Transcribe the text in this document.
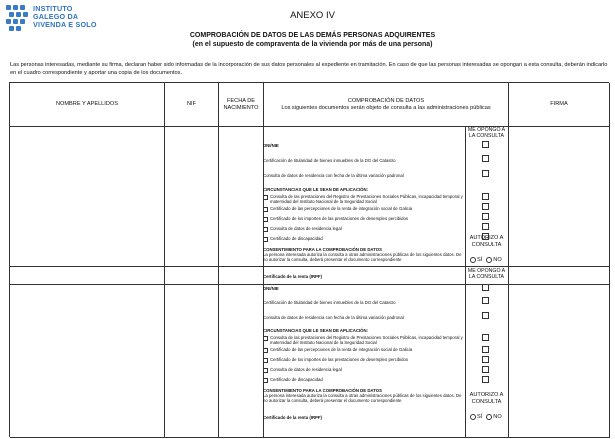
INSTITUTO
GALEGO DA
VIVENDA E SOLO
ANEXO IV
COMPROBACIÓN DE DATOS DE LAS DEMÁS PERSONAS ADQUIRENTES
(en el supuesto de compraventa de la vivienda por más de una persona)
Las personas interesadas, mediante su firma, declaran haber sido informadas de la incorporación de sus datos personales al expediente en tramitación. En caso de que las personas interesadas se opongan a esta consulta, deberán indicarlo en el cuadro correspondiente y aportar una copia de los documentos.
NOMBRE Y APELLIDOS	NIF
FECHA DE
NACIMIENTO
COMPROBACIÓN DE DATOS
Los siguientes documentos serán objeto de consulta a las administraciones públicas
FIRMA
ME OPONGO A
LA CONSULTA
DNI/NIE
Certificación de titularidad de bienes inmuebles de la DG del Catastro
Consulta de datos de residencia con fecha de la última variación padronal
CIRCUNSTANCIAS QUE LE SEAN DE APLICACIÓN:
Consulta de las prestaciones del Registro de Prestaciones Sociales Públicas, incapacidad temporal y maternidad del Instituto Nacional de la Seguridad Social
Certificado de las percepciones de la renta de integración social de Galicia
Certificado de los importes de las prestaciones de desempleo percibidos
Consulta de datos de residencia legal
Certificado de discapacidad
CONSENTIMIENTO PARA LA COMPROBACIÓN DE DATOS
La persona interesada autoriza la consulta a otras administraciones públicas de los siguientes datos. De no autorizar la consulta, deberá presentar el documento correspondiente
Certificado de la renta (IRPF)
AUTORIZO A
CONSULTA
SÍ NO
ME OPONGO A
LA CONSULTA
DNI/NIE
Certificación de titularidad de bienes inmuebles de la DG del Catastro
Consulta de datos de residencia con fecha de la última variación padronal
CIRCUNSTANCIAS QUE LE SEAN DE APLICACIÓN:
Consulta de las prestaciones del Registro de Prestaciones Sociales Públicas, incapacidad temporal y maternidad del Instituto Nacional de la Seguridad Social
Certificado de las percepciones de la renta de integración social de Galicia
Certificado de los importes de las prestaciones de desempleo percibidos
Consulta de datos de residencia legal
Certificado de discapacidad
CONSENTIMIENTO PARA LA COMPROBACIÓN DE DATOS
La persona interesada autoriza la consulta a otras administraciones públicas de los siguientes datos. De no autorizar la consulta, deberá presentar el documento correspondiente
Certificado de la renta (IRPF)
AUTORIZO A
CONSULTA
SÍ NO
